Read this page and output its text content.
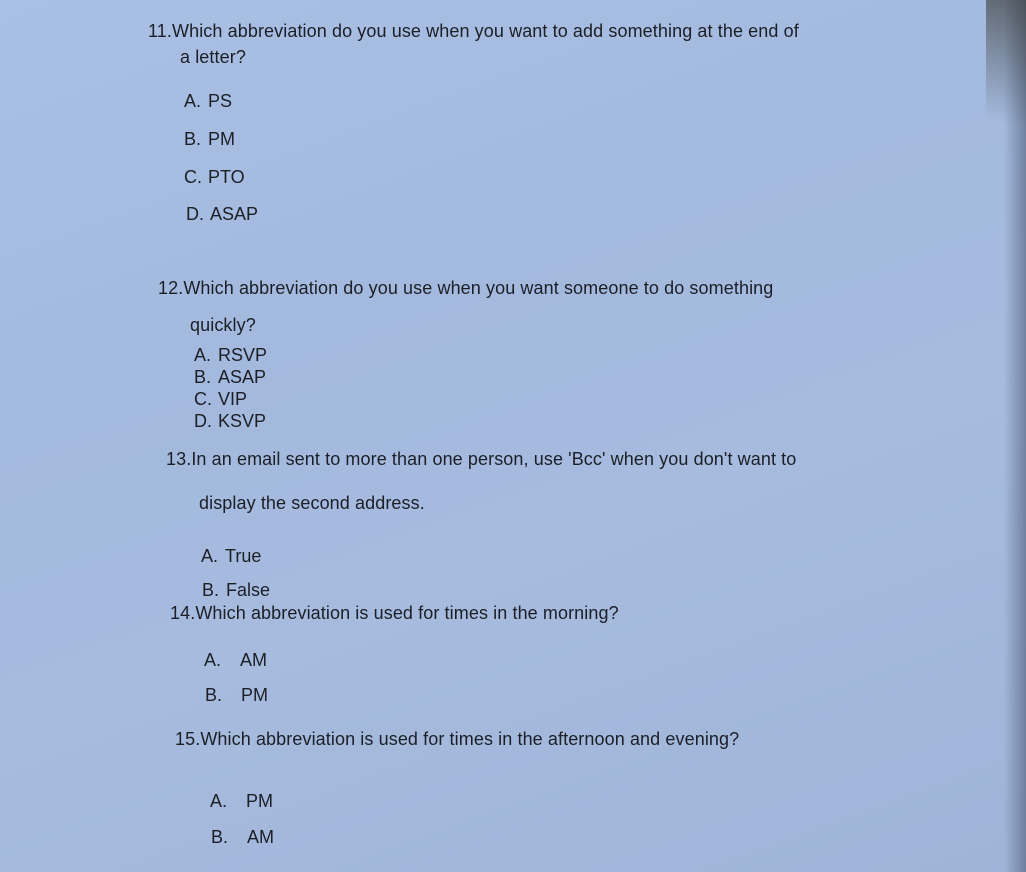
11.Which abbreviation do you use when you want to add something at the end of
a letter?
A. PS
B. PM
C. PTO
D. ASAP
12.Which abbreviation do you use when you want someone to do something
quickly?
A. RSVP
B. ASAP
C. VIP
D. KSVP
13.In an email sent to more than one person, use 'Bcc' when you don't want to
display the second address.
A. True
B. False
14.Which abbreviation is used for times in the morning?
A. AM
B. PM
15.Which abbreviation is used for times in the afternoon and evening?
A. PM
B. AM
